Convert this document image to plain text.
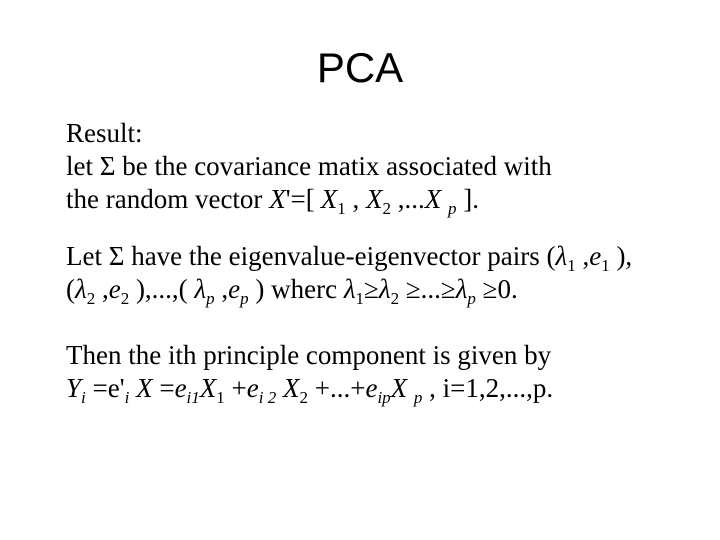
PCA
Result:
let Σ be the covariance matix associated with
the random vector X'=[ $X_1$ , $X_2$ ,...X $_p$ ].
Let Σ have the eigenvalue-eigenvector pairs ($\lambda_1$ $,e_1$ ),
($\lambda_2$ $,e_2$ ),...,( $\lambda_p$ $,e_p$ ) wherc $\lambda_1\ge\lambda_2 \ge...\ge\lambda_p \ge 0$.
Then the ith principle component is given by
$Y_i =e'_i$ $X =e_{i1}X_1 +e_{i 2}$ $X_2 +...+e_{ip}X$ $_p$ , i=1,2,...,p.
